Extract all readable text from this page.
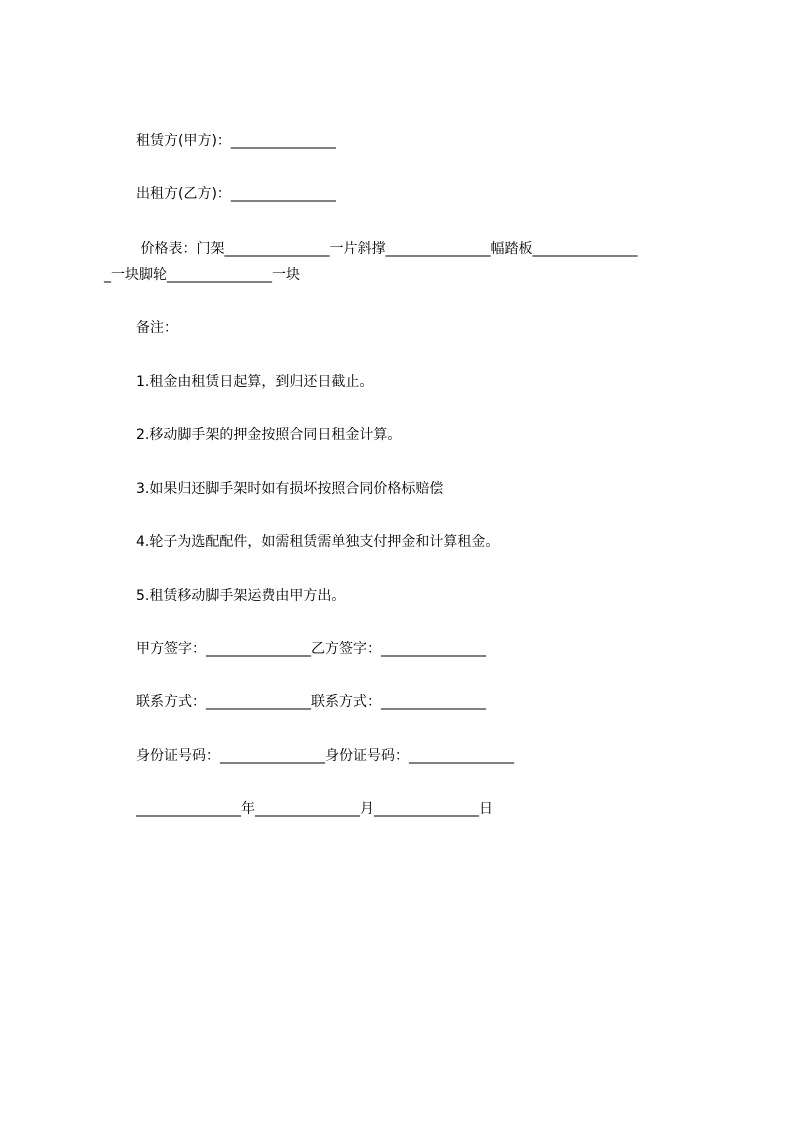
租赁方(甲方)：_______________
出租方(乙方)：_______________
价格表：门架_______________一片斜撑_______________幅踏板_______________
_一块脚轮_______________一块
备注：
1.租金由租赁日起算，到归还日截止。
2.移动脚手架的押金按照合同日租金计算。
3.如果归还脚手架时如有损坏按照合同价格标赔偿
4.轮子为选配配件，如需租赁需单独支付押金和计算租金。
5.租赁移动脚手架运费由甲方出。
甲方签字：_______________乙方签字：_______________
联系方式：_______________联系方式：_______________
身份证号码：_______________身份证号码：_______________
_______________年_______________月_______________日
